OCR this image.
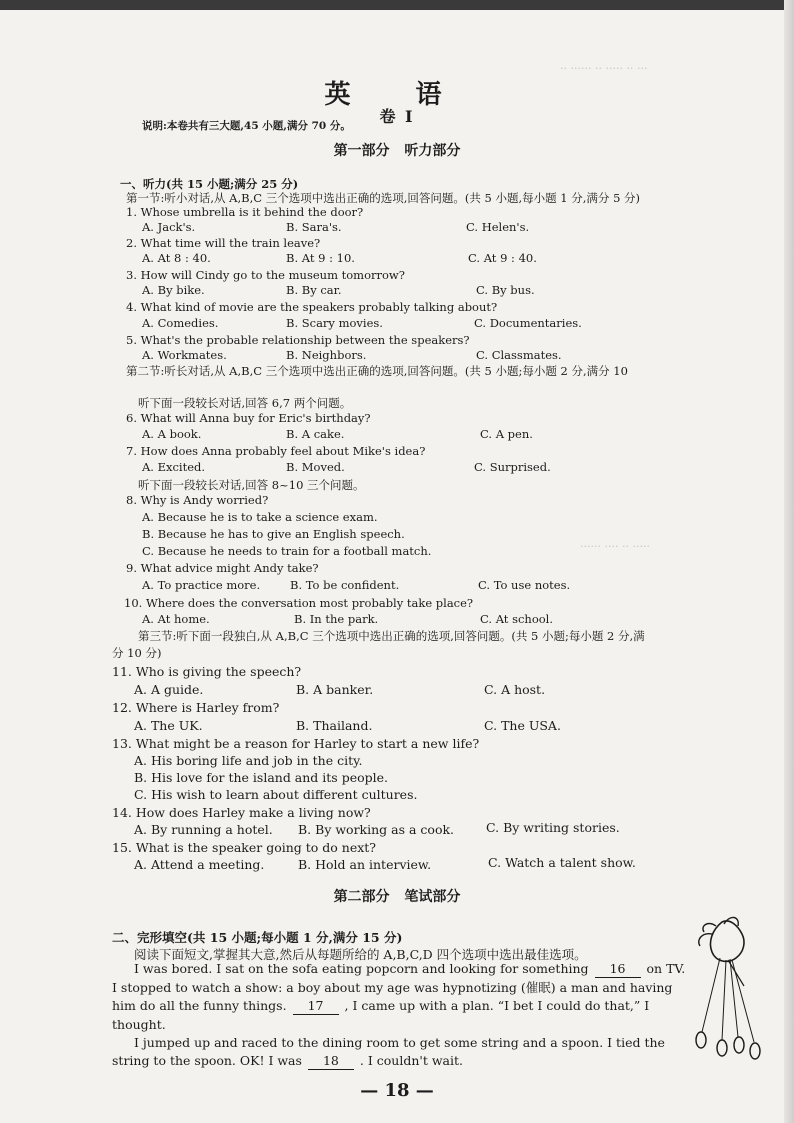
·· ······ ·· ····· ·· ···
······ ···· ·· ·····
英 语
卷 I
说明:本卷共有三大题,45 小题,满分 70 分。
第一部分 听力部分
一、听力(共 15 小题;满分 25 分)
第一节:听小对话,从 A,B,C 三个选项中选出正确的选项,回答问题。(共 5 小题,每小题 1 分,满分 5 分)
1. Whose umbrella is it behind the door?
A. Jack's.	B. Sara's.	C. Helen's.
2. What time will the train leave?
A. At 8 : 40.	B. At 9 : 10.	C. At 9 : 40.
3. How will Cindy go to the museum tomorrow?
A. By bike.	B. By car.	C. By bus.
4. What kind of movie are the speakers probably talking about?
A. Comedies.	B. Scary movies.	C. Documentaries.
5. What's the probable relationship between the speakers?
A. Workmates.	B. Neighbors.	C. Classmates.
第二节:听长对话,从 A,B,C 三个选项中选出正确的选项,回答问题。(共 5 小题;每小题 2 分,满分 10
听下面一段较长对话,回答 6,7 两个问题。
6. What will Anna buy for Eric's birthday?
A. A book.	B. A cake.	C. A pen.
7. How does Anna probably feel about Mike's idea?
A. Excited.	B. Moved.	C. Surprised.
听下面一段较长对话,回答 8~10 三个问题。
8. Why is Andy worried?
A. Because he is to take a science exam.
B. Because he has to give an English speech.
C. Because he needs to train for a football match.
9. What advice might Andy take?
A. To practice more.	B. To be confident.	C. To use notes.
10. Where does the conversation most probably take place?
A. At home.	B. In the park.	C. At school.
第三节:听下面一段独白,从 A,B,C 三个选项中选出正确的选项,回答问题。(共 5 小题;每小题 2 分,满
分 10 分)
11. Who is giving the speech?
A. A guide.	B. A banker.	C. A host.
12. Where is Harley from?
A. The UK.	B. Thailand.	C. The USA.
13. What might be a reason for Harley to start a new life?
A. His boring life and job in the city.
B. His love for the island and its people.
C. His wish to learn about different cultures.
14. How does Harley make a living now?
A. By running a hotel. B. By working as a cook.	C. By writing stories.
15. What is the speaker going to do next?
A. Attend a meeting.	B. Hold an interview.	C. Watch a talent show.
第二部分 笔试部分
二、完形填空(共 15 小题;每小题 1 分,满分 15 分)
阅读下面短文,掌握其大意,然后从每题所给的 A,B,C,D 四个选项中选出最佳选项。
I was bored. I sat on the sofa eating popcorn and looking for something 16 on TV.
I stopped to watch a show: a boy about my age was hypnotizing (催眠) a man and having
him do all the funny things. 17 , I came up with a plan. “I bet I could do that,” I
thought.
I jumped up and raced to the dining room to get some string and a spoon. I tied the
string to the spoon. OK! I was 18 . I couldn't wait.
— 18 —
